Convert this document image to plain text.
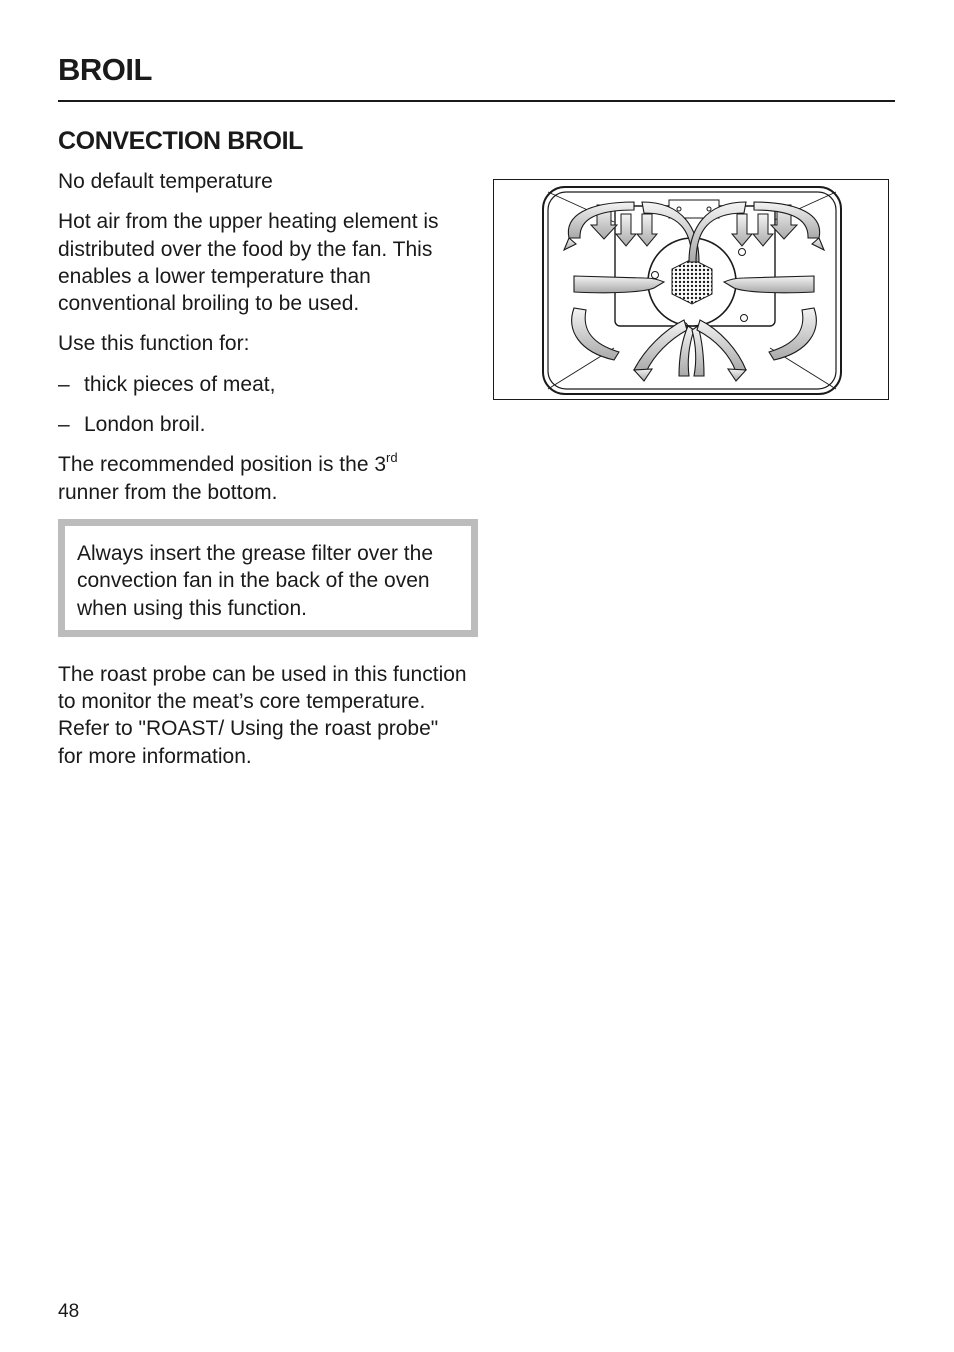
BROIL
CONVECTION BROIL

No default temperature

Hot air from the upper heating element is distributed over the food by the fan. This enables a lower temperature than conventional broiling to be used.

Use this function for:

– thick pieces of meat,
– London broil.

The recommended position is the 3rd
runner from the bottom.

Always insert the grease filter over the convection fan in the back of the oven when using this function.

The roast probe can be used in this function to monitor the meat’s core temperature. Refer to "ROAST/ Using the roast probe" for more information.

48
